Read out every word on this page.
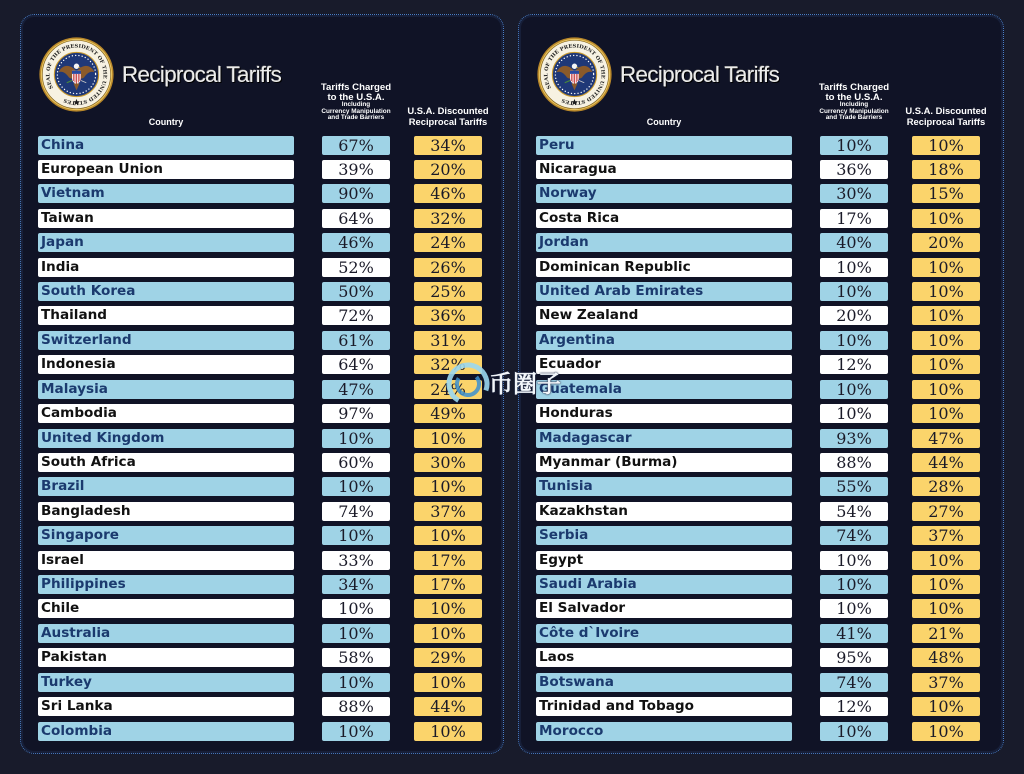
SEAL OF THE PRESIDENT OF THE UNITED ST TES
Reciprocal Tariffs
Country
Tariffs Charged
to the U.S.A.
Including
Currency Manipulation
and Trade Barriers
U.S.A. Discounted
Reciprocal Tariffs
China	67%	34%
European Union	39%	20%
Vietnam	90%	46%
Taiwan	64%	32%
Japan	46%	24%
India	52%	26%
South Korea	50%	25%
Thailand	72%	36%
Switzerland	61%	31%
Indonesia	64%	32%
Malaysia	47%	24%
Cambodia	97%	49%
United Kingdom	10%	10%
South Africa	60%	30%
Brazil	10%	10%
Bangladesh	74%	37%
Singapore	10%	10%
Israel	33%	17%
Philippines	34%	17%
Chile	10%	10%
Australia	10%	10%
Pakistan	58%	29%
Turkey	10%	10%
Sri Lanka	88%	44%
Colombia	10%	10%
SEAL OF THE PRESIDENT OF THE UNITED ST TES
Reciprocal Tariffs
Country
Tariffs Charged
to the U.S.A.
Including
Currency Manipulation
and Trade Barriers
U.S.A. Discounted
Reciprocal Tariffs
Peru	10%	10%
Nicaragua	36%	18%
Norway	30%	15%
Costa Rica	17%	10%
Jordan	40%	20%
Dominican Republic	10%	10%
United Arab Emirates	10%	10%
New Zealand	20%	10%
Argentina	10%	10%
Ecuador	12%	10%
Guatemala	10%	10%
Honduras	10%	10%
Madagascar	93%	47%
Myanmar (Burma)	88%	44%
Tunisia	55%	28%
Kazakhstan	54%	27%
Serbia	74%	37%
Egypt	10%	10%
Saudi Arabia	10%	10%
El Salvador	10%	10%
Côte d`Ivoire	41%	21%
Laos	95%	48%
Botswana	74%	37%
Trinidad and Tobago	12%	10%
Morocco	10%	10%
币圈子
